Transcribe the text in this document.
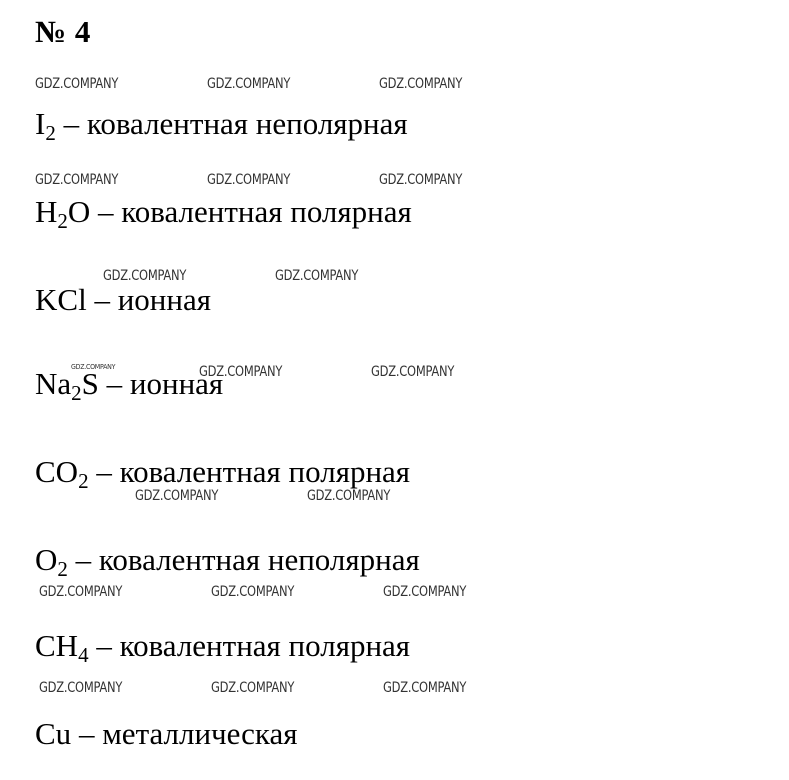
№ 4
$I_2$ – ковалентная неполярная
$H_2O$ – ковалентная полярная
KCl – ионная
$Na_2S$ – ионная
$CO_2$ – ковалентная полярная
$O_2$ – ковалентная неполярная
$CH_4$ – ковалентная полярная
Cu – металлическая
GDZ.COMPANY	GDZ.COMPANY	GDZ.COMPANY
GDZ.COMPANY	GDZ.COMPANY	GDZ.COMPANY
GDZ.COMPANY	GDZ.COMPANY
GDZ.COMPANY	GDZ.COMPANY
GDZ.COMPANY	GDZ.COMPANY
GDZ.COMPANY	GDZ.COMPANY	GDZ.COMPANY
GDZ.COMPANY	GDZ.COMPANY	GDZ.COMPANY
GDZ.COMPANY
